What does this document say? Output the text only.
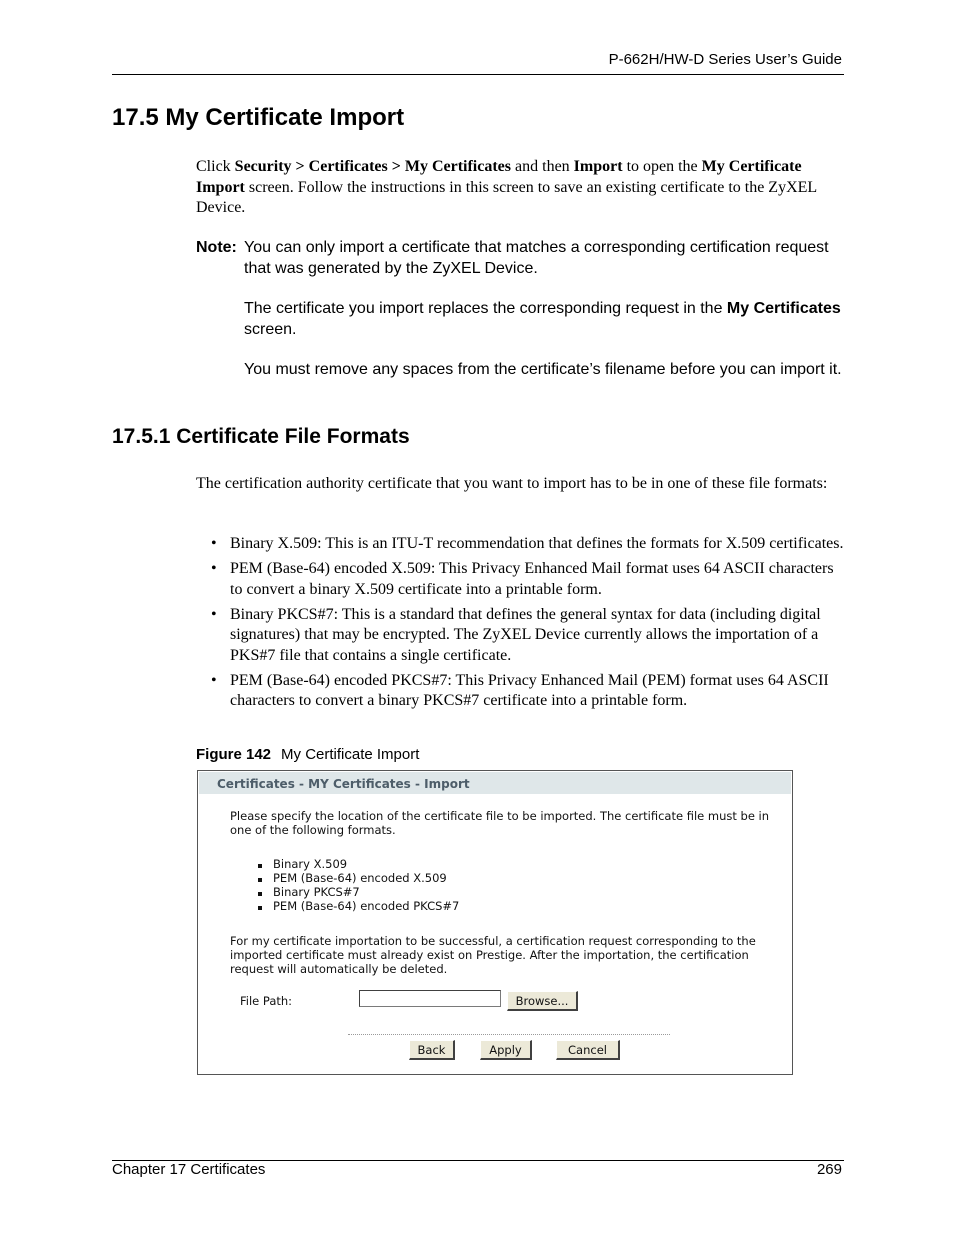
P-662H/HW-D Series User’s Guide
17.5 My Certificate Import
Click Security > Certificates > My Certificates and then Import to open the My Certificate Import screen. Follow the instructions in this screen to save an existing certificate to the ZyXEL Device.
Note: You can only import a certificate that matches a corresponding certification request that was generated by the ZyXEL Device.
The certificate you import replaces the corresponding request in the My Certificates screen.
You must remove any spaces from the certificate’s filename before you can import it.
17.5.1 Certificate File Formats
The certification authority certificate that you want to import has to be in one of these file formats:
• Binary X.509: This is an ITU-T recommendation that defines the formats for X.509 certificates.
• PEM (Base-64) encoded X.509: This Privacy Enhanced Mail format uses 64 ASCII characters to convert a binary X.509 certificate into a printable form.
• Binary PKCS#7: This is a standard that defines the general syntax for data (including digital signatures) that may be encrypted. The ZyXEL Device currently allows the importation of a PKS#7 file that contains a single certificate.
• PEM (Base-64) encoded PKCS#7: This Privacy Enhanced Mail (PEM) format uses 64 ASCII characters to convert a binary PKCS#7 certificate into a printable form.
Figure 142 My Certificate Import
Certificates - MY Certificates - Import
Please specify the location of the certificate file to be imported. The certificate file must be in one of the following formats.
Binary X.509
PEM (Base-64) encoded X.509
Binary PKCS#7
PEM (Base-64) encoded PKCS#7
For my certificate importation to be successful, a certification request corresponding to the imported certificate must already exist on Prestige. After the importation, the certification request will automatically be deleted.
File Path:	Browse...
Back	Apply	Cancel
Chapter 17 Certificates	269
